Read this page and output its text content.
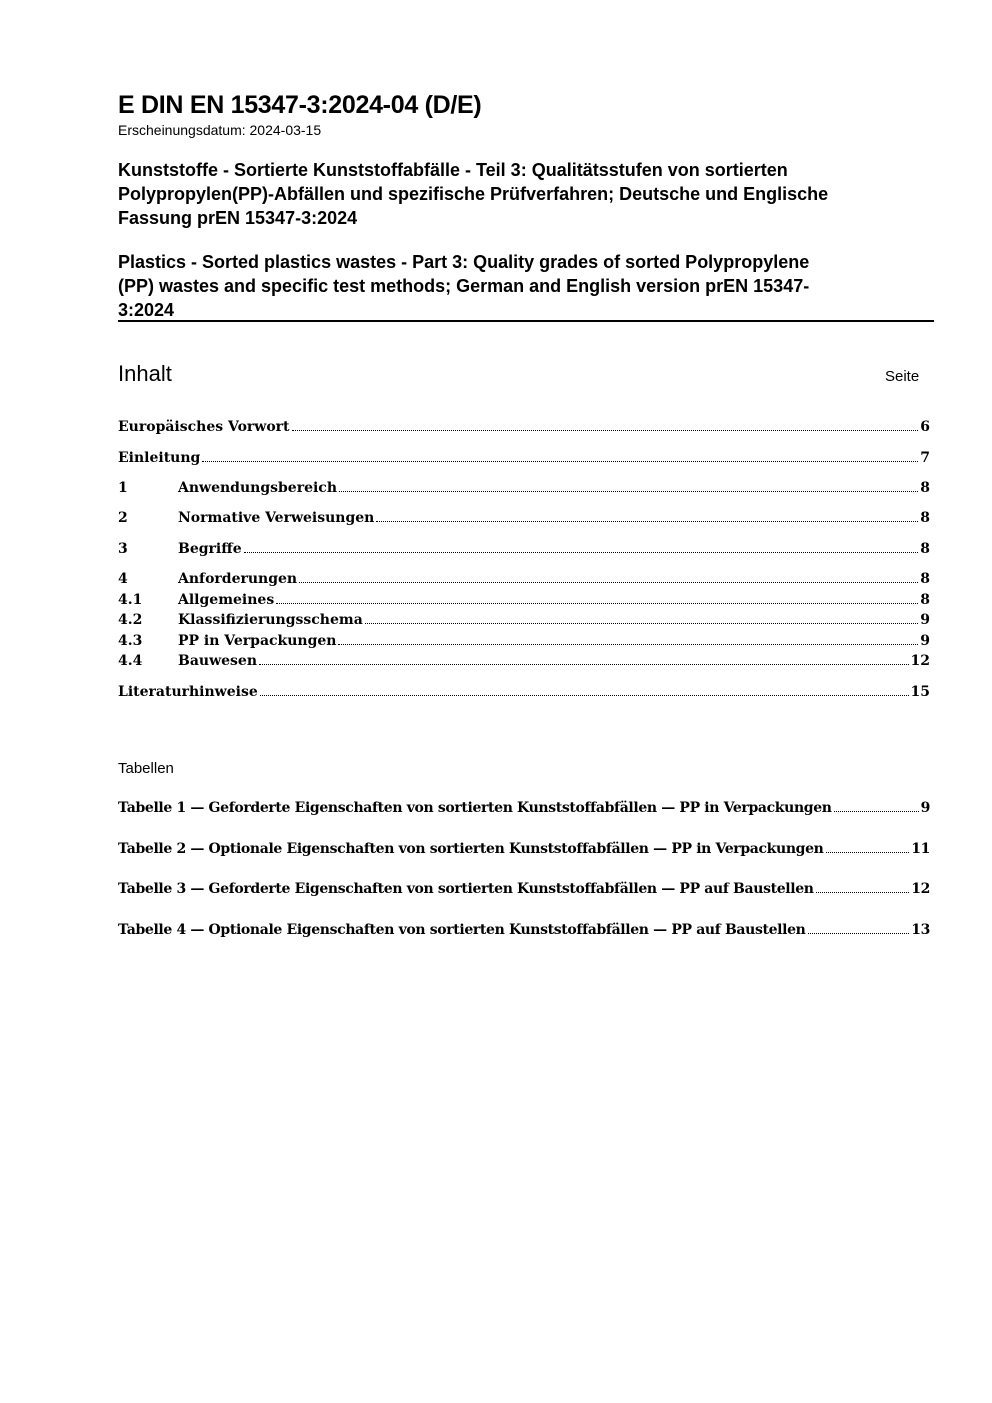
E DIN EN 15347-3:2024-04 (D/E)
Erscheinungsdatum: 2024-03-15
Kunststoffe - Sortierte Kunststoffabfälle - Teil 3: Qualitätsstufen von sortierten
Polypropylen(PP)-Abfällen und spezifische Prüfverfahren; Deutsche und Englische
Fassung prEN 15347-3:2024
Plastics - Sorted plastics wastes - Part 3: Quality grades of sorted Polypropylene
(PP) wastes and specific test methods; German and English version prEN 15347-
3:2024
Inhalt	Seite
Europäisches Vorwort	6
Einleitung	7
1	Anwendungsbereich	8
2	Normative Verweisungen	8
3	Begriffe	8
4	Anforderungen	8
4.1	Allgemeines	8
4.2	Klassifizierungsschema	9
4.3	PP in Verpackungen	9
4.4	Bauwesen	12
Literaturhinweise	15
Tabellen
Tabelle 1 — Geforderte Eigenschaften von sortierten Kunststoffabfällen — PP in Verpackungen	9
Tabelle 2 — Optionale Eigenschaften von sortierten Kunststoffabfällen — PP in Verpackungen	11
Tabelle 3 — Geforderte Eigenschaften von sortierten Kunststoffabfällen — PP auf Baustellen	12
Tabelle 4 — Optionale Eigenschaften von sortierten Kunststoffabfällen — PP auf Baustellen	13
